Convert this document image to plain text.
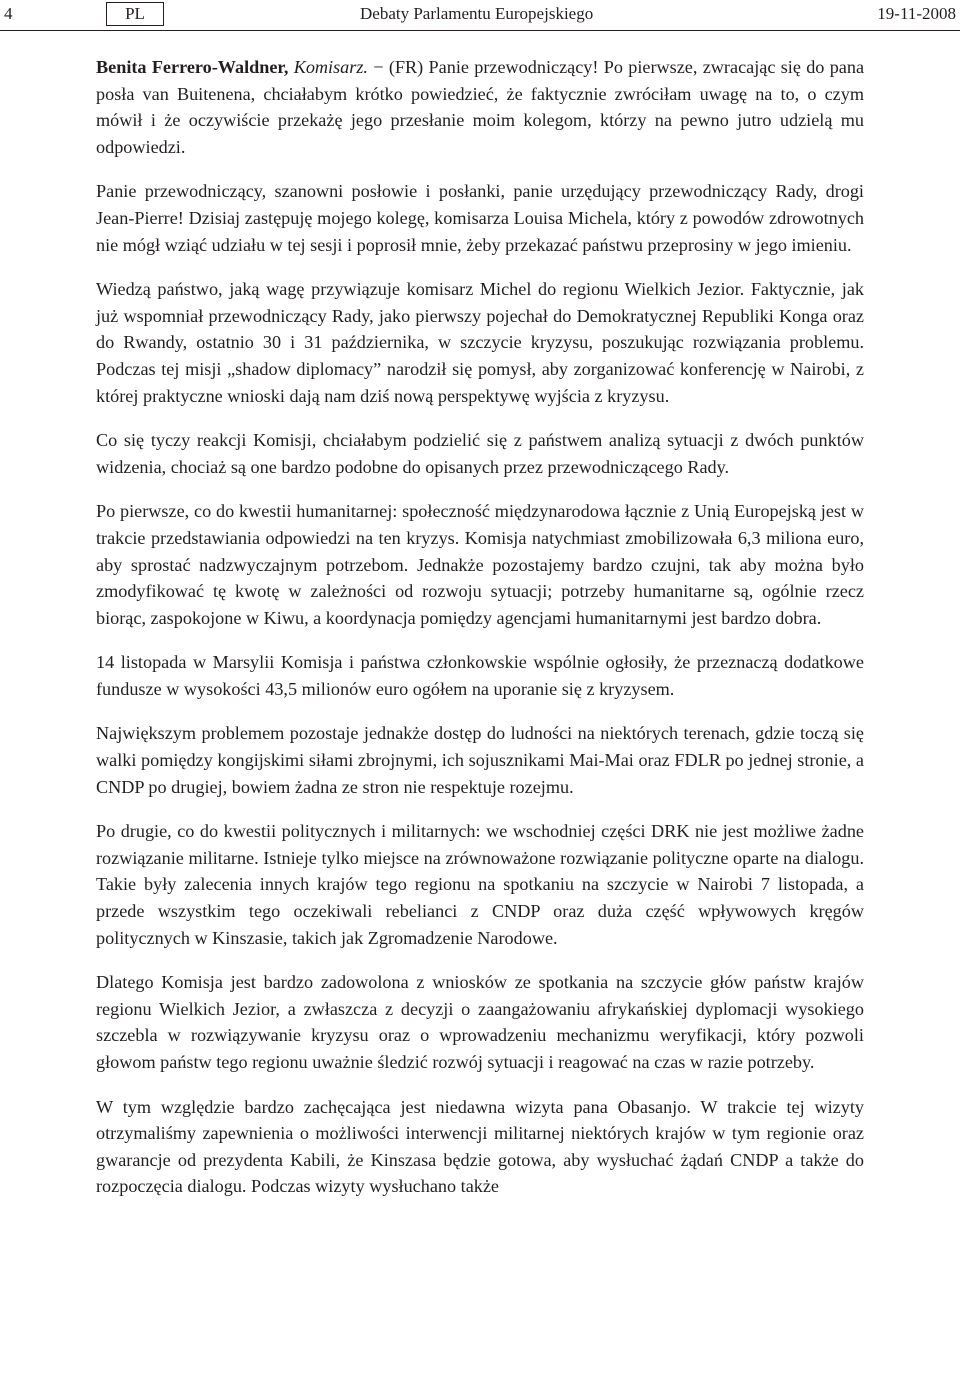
4	PL	Debaty Parlamentu Europejskiego	19-11-2008

Benita Ferrero-Waldner, Komisarz. − (FR) Panie przewodniczący! Po pierwsze, zwracając się do pana posła van Buitenena, chciałabym krótko powiedzieć, że faktycznie zwróciłam uwagę na to, o czym mówił i że oczywiście przekażę jego przesłanie moim kolegom, którzy na pewno jutro udzielą mu odpowiedzi.

Panie przewodniczący, szanowni posłowie i posłanki, panie urzędujący przewodniczący Rady, drogi Jean-Pierre! Dzisiaj zastępuję mojego kolegę, komisarza Louisa Michela, który z powodów zdrowotnych nie mógł wziąć udziału w tej sesji i poprosił mnie, żeby przekazać państwu przeprosiny w jego imieniu.

Wiedzą państwo, jaką wagę przywiązuje komisarz Michel do regionu Wielkich Jezior. Faktycznie, jak już wspomniał przewodniczący Rady, jako pierwszy pojechał do Demokratycznej Republiki Konga oraz do Rwandy, ostatnio 30 i 31 października, w szczycie kryzysu, poszukując rozwiązania problemu. Podczas tej misji „shadow diplomacy” narodził się pomysł, aby zorganizować konferencję w Nairobi, z której praktyczne wnioski dają nam dziś nową perspektywę wyjścia z kryzysu.

Co się tyczy reakcji Komisji, chciałabym podzielić się z państwem analizą sytuacji z dwóch punktów widzenia, chociaż są one bardzo podobne do opisanych przez przewodniczącego Rady.

Po pierwsze, co do kwestii humanitarnej: społeczność międzynarodowa łącznie z Unią Europejską jest w trakcie przedstawiania odpowiedzi na ten kryzys. Komisja natychmiast zmobilizowała 6,3 miliona euro, aby sprostać nadzwyczajnym potrzebom. Jednakże pozostajemy bardzo czujni, tak aby można było zmodyfikować tę kwotę w zależności od rozwoju sytuacji; potrzeby humanitarne są, ogólnie rzecz biorąc, zaspokojone w Kiwu, a koordynacja pomiędzy agencjami humanitarnymi jest bardzo dobra.

14 listopada w Marsylii Komisja i państwa członkowskie wspólnie ogłosiły, że przeznaczą dodatkowe fundusze w wysokości 43,5 milionów euro ogółem na uporanie się z kryzysem.

Największym problemem pozostaje jednakże dostęp do ludności na niektórych terenach, gdzie toczą się walki pomiędzy kongijskimi siłami zbrojnymi, ich sojusznikami Mai-Mai oraz FDLR po jednej stronie, a CNDP po drugiej, bowiem żadna ze stron nie respektuje rozejmu.

Po drugie, co do kwestii politycznych i militarnych: we wschodniej części DRK nie jest możliwe żadne rozwiązanie militarne. Istnieje tylko miejsce na zrównoważone rozwiązanie polityczne oparte na dialogu. Takie były zalecenia innych krajów tego regionu na spotkaniu na szczycie w Nairobi 7 listopada, a przede wszystkim tego oczekiwali rebelianci z CNDP oraz duża część wpływowych kręgów politycznych w Kinszasie, takich jak Zgromadzenie Narodowe.

Dlatego Komisja jest bardzo zadowolona z wniosków ze spotkania na szczycie głów państw krajów regionu Wielkich Jezior, a zwłaszcza z decyzji o zaangażowaniu afrykańskiej dyplomacji wysokiego szczebla w rozwiązywanie kryzysu oraz o wprowadzeniu mechanizmu weryfikacji, który pozwoli głowom państw tego regionu uważnie śledzić rozwój sytuacji i reagować na czas w razie potrzeby.

W tym względzie bardzo zachęcająca jest niedawna wizyta pana Obasanjo. W trakcie tej wizyty otrzymaliśmy zapewnienia o możliwości interwencji militarnej niektórych krajów w tym regionie oraz gwarancje od prezydenta Kabili, że Kinszasa będzie gotowa, aby wysłuchać żądań CNDP a także do rozpoczęcia dialogu. Podczas wizyty wysłuchano także
